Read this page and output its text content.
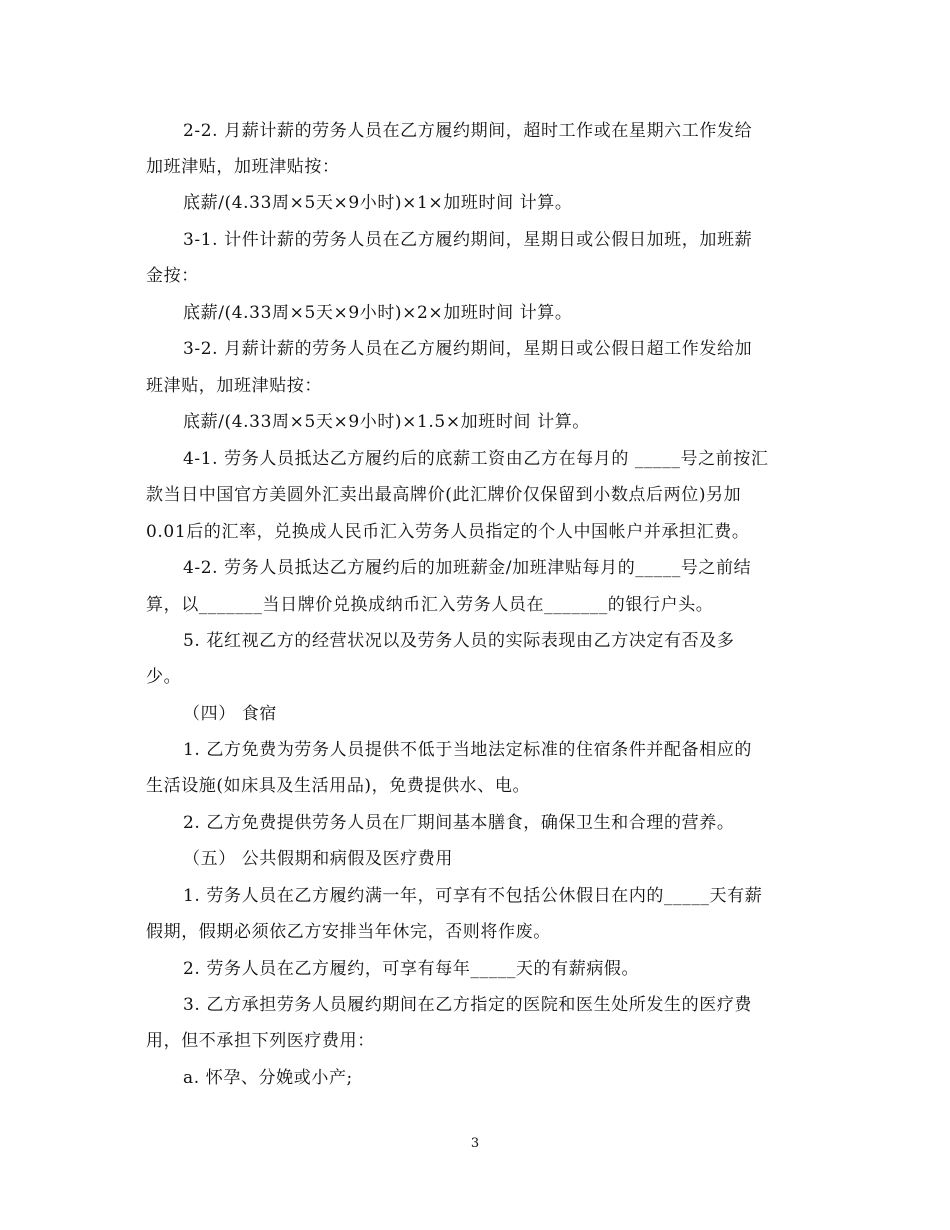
2-2. 月薪计薪的劳务人员在乙方履约期间，超时工作或在星期六工作发给

加班津贴，加班津贴按：

底薪/(4.33周×5天×9小时)×1×加班时间 计算。

3-1. 计件计薪的劳务人员在乙方履约期间，星期日或公假日加班，加班薪

金按：

底薪/(4.33周×5天×9小时)×2×加班时间 计算。

3-2. 月薪计薪的劳务人员在乙方履约期间，星期日或公假日超工作发给加

班津贴，加班津贴按：

底薪/(4.33周×5天×9小时)×1.5×加班时间 计算。

4-1. 劳务人员抵达乙方履约后的底薪工资由乙方在每月的 _____号之前按汇

款当日中国官方美圆外汇卖出最高牌价(此汇牌价仅保留到小数点后两位)另加

0.01后的汇率，兑换成人民币汇入劳务人员指定的个人中国帐户并承担汇费。

4-2. 劳务人员抵达乙方履约后的加班薪金/加班津贴每月的_____号之前结

算，以_______当日牌价兑换成纳币汇入劳务人员在_______的银行户头。

5. 花红视乙方的经营状况以及劳务人员的实际表现由乙方决定有否及多

少。

（四） 食宿

1. 乙方免费为劳务人员提供不低于当地法定标准的住宿条件并配备相应的

生活设施(如床具及生活用品)，免费提供水、电。

2. 乙方免费提供劳务人员在厂期间基本膳食，确保卫生和合理的营养。

（五） 公共假期和病假及医疗费用

1. 劳务人员在乙方履约满一年，可享有不包括公休假日在内的_____天有薪

假期，假期必须依乙方安排当年休完，否则将作废。

2. 劳务人员在乙方履约，可享有每年_____天的有薪病假。

3. 乙方承担劳务人员履约期间在乙方指定的医院和医生处所发生的医疗费

用，但不承担下列医疗费用：

a. 怀孕、分娩或小产;

3
